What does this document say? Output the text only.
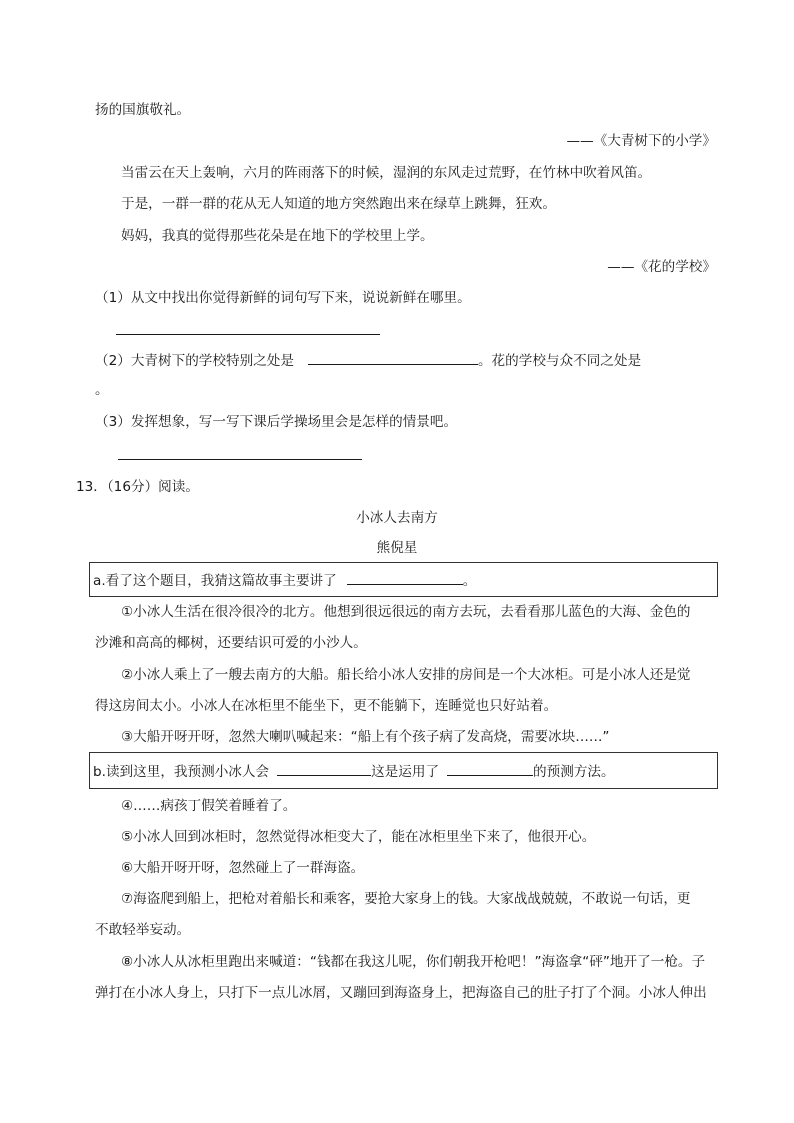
扬的国旗敬礼。
——《大青树下的小学》
当雷云在天上轰响，六月的阵雨落下的时候，湿润的东风走过荒野，在竹林中吹着风笛。
于是，一群一群的花从无人知道的地方突然跑出来在绿草上跳舞，狂欢。
妈妈，我真的觉得那些花朵是在地下的学校里上学。
——《花的学校》
（1）从文中找出你觉得新鲜的词句写下来，说说新鲜在哪里。
（2）大青树下的学校特别之处是	。花的学校与众不同之处是
。
（3）发挥想象，写一写下课后学操场里会是怎样的情景吧。
13．（16分）阅读。
小冰人去南方
熊倪星
a.看了这个题目，我猜这篇故事主要讲了	。
①小冰人生活在很冷很冷的北方。他想到很远很远的南方去玩，去看看那儿蓝色的大海、金色的
沙滩和高高的椰树，还要结识可爱的小沙人。
②小冰人乘上了一艘去南方的大船。船长给小冰人安排的房间是一个大冰柜。可是小冰人还是觉
得这房间太小。小冰人在冰柜里不能坐下，更不能躺下，连睡觉也只好站着。
③大船开呀开呀，忽然大喇叭喊起来：“船上有个孩子病了发高烧，需要冰块……”
b.读到这里，我预测小冰人会	这是运用了	的预测方法。
④……病孩丁假笑着睡着了。
⑤小冰人回到冰柜时，忽然觉得冰柜变大了，能在冰柜里坐下来了，他很开心。
⑥大船开呀开呀，忽然碰上了一群海盗。
⑦海盗爬到船上，把枪对着船长和乘客，要抢大家身上的钱。大家战战兢兢，不敢说一句话，更
不敢轻举妄动。
⑧小冰人从冰柜里跑出来喊道：“钱都在我这儿呢，你们朝我开枪吧！”海盗拿“砰”地开了一枪。子
弹打在小冰人身上，只打下一点儿冰屑，又蹦回到海盗身上，把海盗自己的肚子打了个洞。小冰人伸出
